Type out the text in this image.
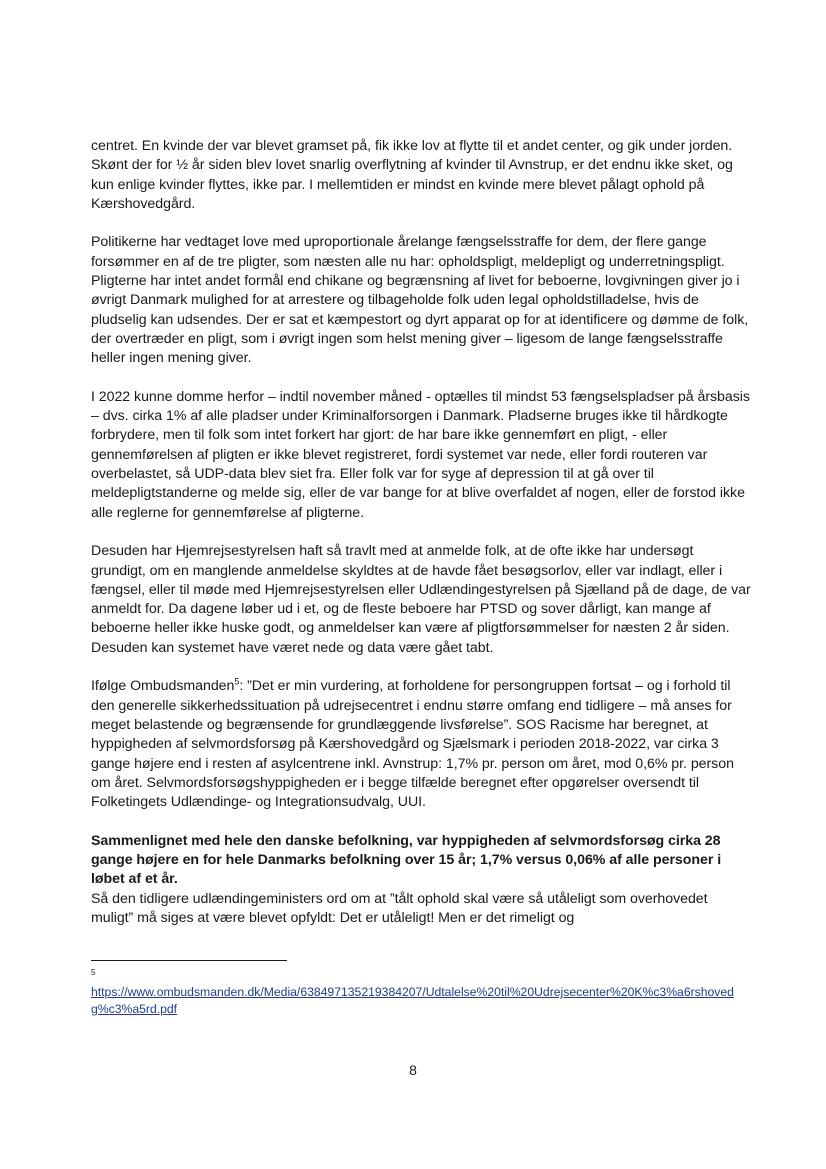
centret. En kvinde der var blevet gramset på, fik ikke lov at flytte til et andet center, og gik under jorden. Skønt der for ½ år siden blev lovet snarlig overflytning af kvinder til Avnstrup, er det endnu ikke sket, og kun enlige kvinder flyttes, ikke par. I mellemtiden er mindst en kvinde mere blevet pålagt ophold på Kærshovedgård.

Politikerne har vedtaget love med uproportionale årelange fængselsstraffe for dem, der flere gange forsømmer en af de tre pligter, som næsten alle nu har: opholdspligt, meldepligt og underretningspligt. Pligterne har intet andet formål end chikane og begrænsning af livet for beboerne, lovgivningen giver jo i øvrigt Danmark mulighed for at arrestere og tilbageholde folk uden legal opholdstilladelse, hvis de pludselig kan udsendes. Der er sat et kæmpestort og dyrt apparat op for at identificere og dømme de folk, der overtræder en pligt, som i øvrigt ingen som helst mening giver – ligesom de lange fængselsstraffe heller ingen mening giver.

I 2022 kunne domme herfor – indtil november måned - optælles til mindst 53 fængselspladser på årsbasis – dvs. cirka 1% af alle pladser under Kriminalforsorgen i Danmark. Pladserne bruges ikke til hårdkogte forbrydere, men til folk som intet forkert har gjort: de har bare ikke gennemført en pligt, - eller gennemførelsen af pligten er ikke blevet registreret, fordi systemet var nede, eller fordi routeren var overbelastet, så UDP-data blev siet fra. Eller folk var for syge af depression til at gå over til meldepligtstanderne og melde sig, eller de var bange for at blive overfaldet af nogen, eller de forstod ikke alle reglerne for gennemførelse af pligterne.

Desuden har Hjemrejsestyrelsen haft så travlt med at anmelde folk, at de ofte ikke har undersøgt grundigt, om en manglende anmeldelse skyldtes at de havde fået besøgsorlov, eller var indlagt, eller i fængsel, eller til møde med Hjemrejsestyrelsen eller Udlændingestyrelsen på Sjælland på de dage, de var anmeldt for. Da dagene løber ud i et, og de fleste beboere har PTSD og sover dårligt, kan mange af beboerne heller ikke huske godt, og anmeldelser kan være af pligtforsømmelser for næsten 2 år siden. Desuden kan systemet have været nede og data være gået tabt.

Ifølge Ombudsmanden$^5$: ”Det er min vurdering, at forholdene for persongruppen fortsat – og i forhold til den generelle sikkerhedssituation på udrejsecentret i endnu større omfang end tidligere – må anses for meget belastende og begrænsende for grundlæggende livsførelse”. SOS Racisme har beregnet, at hyppigheden af selvmordsforsøg på Kærshovedgård og Sjælsmark i perioden 2018-2022, var cirka 3 gange højere end i resten af asylcentrene inkl. Avnstrup: 1,7% pr. person om året, mod 0,6% pr. person om året. Selvmordsforsøgshyppigheden er i begge tilfælde beregnet efter opgørelser oversendt til Folketingets Udlændinge- og Integrationsudvalg, UUI.

Sammenlignet med hele den danske befolkning, var hyppigheden af selvmordsforsøg cirka 28 gange højere en for hele Danmarks befolkning over 15 år; 1,7% versus 0,06% af alle personer i løbet af et år.

Så den tidligere udlændingeministers ord om at ”tålt ophold skal være så utåleligt som overhovedet muligt” må siges at være blevet opfyldt: Det er utåleligt! Men er det rimeligt og

5
https://www.ombudsmanden.dk/Media/638497135219384207/Udtalelse%20til%20Udrejsecenter%20K%c3%a6rshovedg%c3%a5rd.pdf
8
